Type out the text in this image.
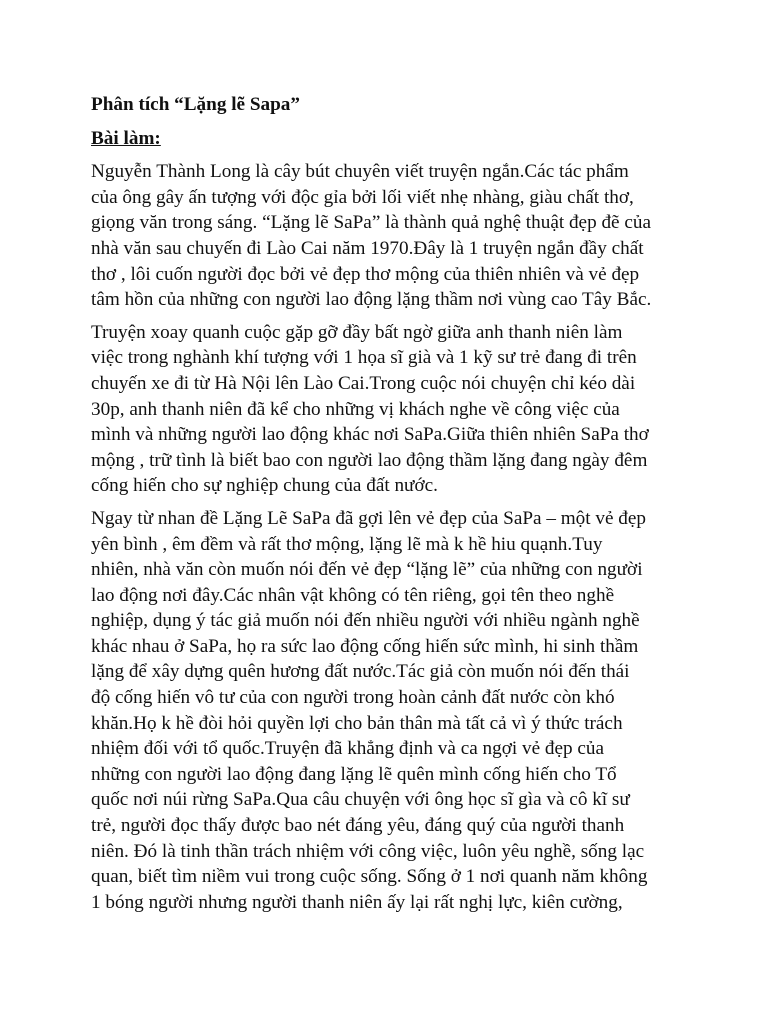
Phân tích “Lặng lẽ Sapa”
Bài làm:
Nguyễn Thành Long là cây bút chuyên viết truyện ngắn.Các tác phẩm
của ông gây ấn tượng với độc gỉa bởi lối viết nhẹ nhàng, giàu chất thơ,
giọng văn trong sáng. “Lặng lẽ SaPa” là thành quả nghệ thuật đẹp đẽ của
nhà văn sau chuyến đi Lào Cai năm 1970.Đây là 1 truyện ngắn đầy chất
thơ , lôi cuốn người đọc bởi vẻ đẹp thơ mộng của thiên nhiên và vẻ đẹp
tâm hồn của những con người lao động lặng thầm nơi vùng cao Tây Bắc.
Truyện xoay quanh cuộc gặp gỡ đầy bất ngờ giữa anh thanh niên làm
việc trong nghành khí tượng với 1 họa sĩ già và 1 kỹ sư trẻ đang đi trên
chuyến xe đi từ Hà Nội lên Lào Cai.Trong cuộc nói chuyện chỉ kéo dài
30p, anh thanh niên đã kể cho những vị khách nghe về công việc của
mình và những người lao động khác nơi SaPa.Giữa thiên nhiên SaPa thơ
mộng , trữ tình là biết bao con người lao động thầm lặng đang ngày đêm
cống hiến cho sự nghiệp chung của đất nước.
Ngay từ nhan đề Lặng Lẽ SaPa đã gợi lên vẻ đẹp của SaPa – một vẻ đẹp
yên bình , êm đềm và rất thơ mộng, lặng lẽ mà k hề hiu quạnh.Tuy
nhiên, nhà văn còn muốn nói đến vẻ đẹp “lặng lẽ” của những con người
lao động nơi đây.Các nhân vật không có tên riêng, gọi tên theo nghề
nghiệp, dụng ý tác giả muốn nói đến nhiều người với nhiều ngành nghề
khác nhau ở SaPa, họ ra sức lao động cống hiến sức mình, hi sinh thầm
lặng để xây dựng quên hương đất nước.Tác giả còn muốn nói đến thái
độ cống hiến vô tư của con người trong hoàn cảnh đất nước còn khó
khăn.Họ k hề đòi hỏi quyền lợi cho bản thân mà tất cả vì ý thức trách
nhiệm đối với tổ quốc.Truyện đã khẳng định và ca ngợi vẻ đẹp của
những con người lao động đang lặng lẽ quên mình cống hiến cho Tổ
quốc nơi núi rừng SaPa.Qua câu chuyện với ông học sĩ gìa và cô kĩ sư
trẻ, người đọc thấy được bao nét đáng yêu, đáng quý của người thanh
niên. Đó là tinh thần trách nhiệm với công việc, luôn yêu nghề, sống lạc
quan, biết tìm niềm vui trong cuộc sống. Sống ở 1 nơi quanh năm không
1 bóng người nhưng người thanh niên ấy lại rất nghị lực, kiên cường,
